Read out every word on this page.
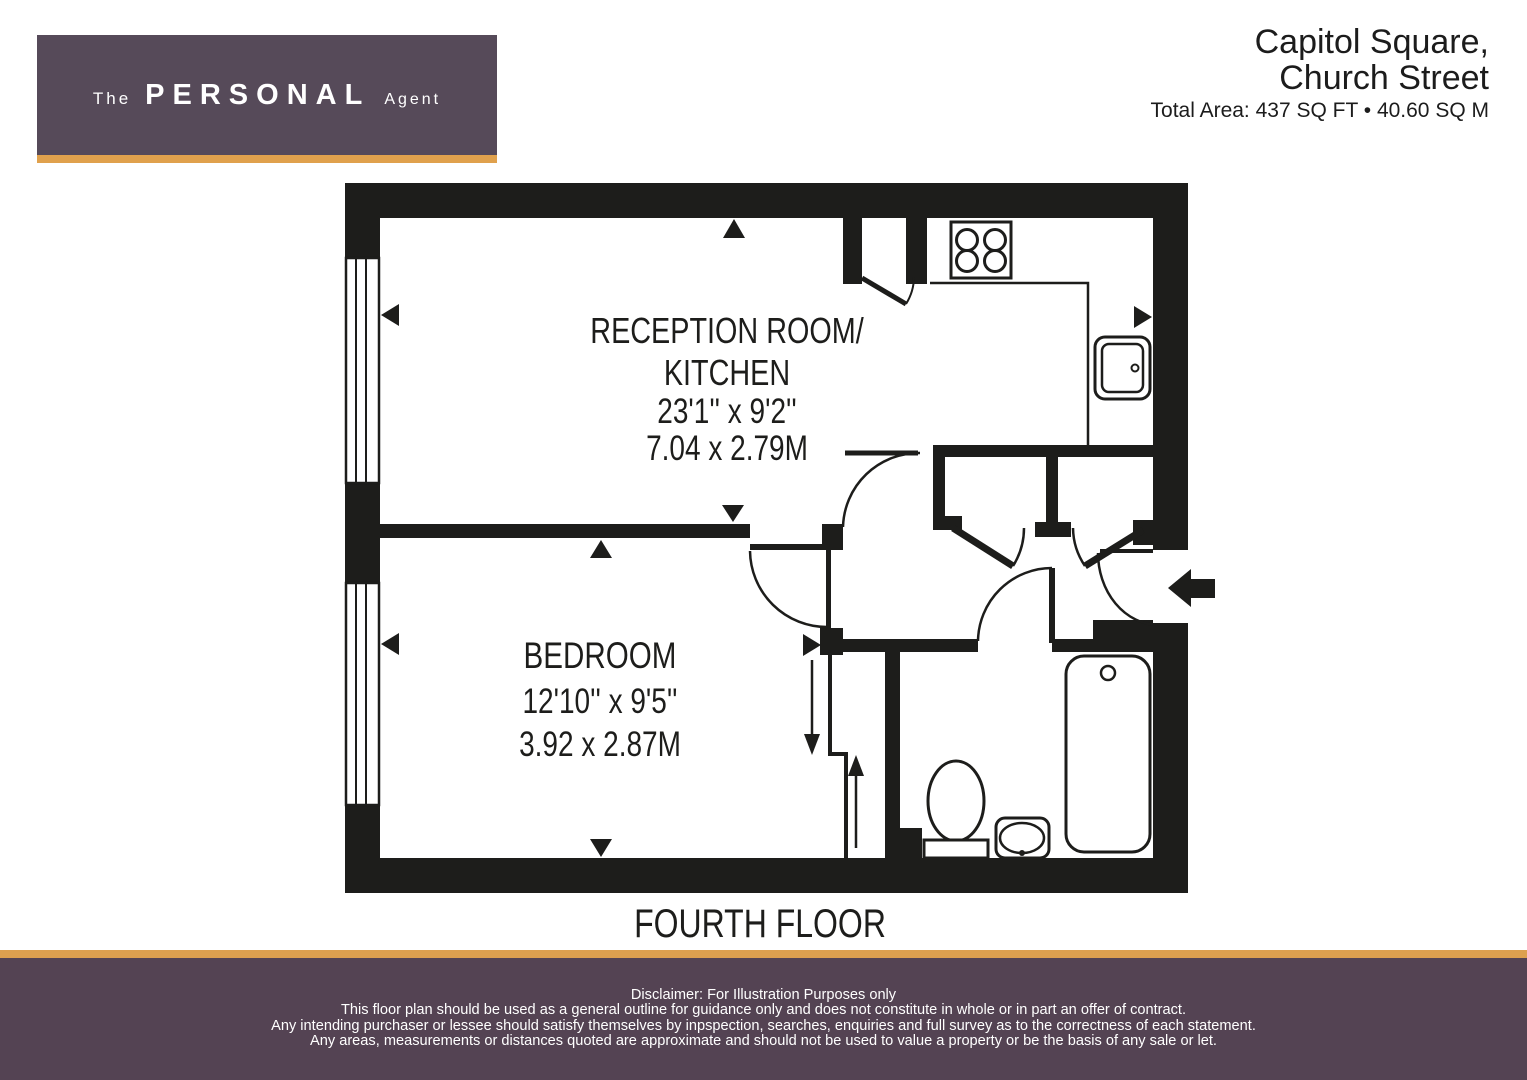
The PERSONAL Agent
Capitol Square,
Church Street
Total Area: 437 SQ FT • 40.60 SQ M
RECEPTION ROOM/
KITCHEN
23'1'' x 9'2''
7.04 x 2.79M
BEDROOM
12'10'' x 9'5''
3.92 x 2.87M
FOURTH FLOOR
Disclaimer: For Illustration Purposes only
This floor plan should be used as a general outline for guidance only and does not constitute in whole or in part an offer of contract.
Any intending purchaser or lessee should satisfy themselves by inpspection, searches, enquiries and full survey as to the correctness of each statement.
Any areas, measurements or distances quoted are approximate and should not be used to value a property or be the basis of any sale or let.
